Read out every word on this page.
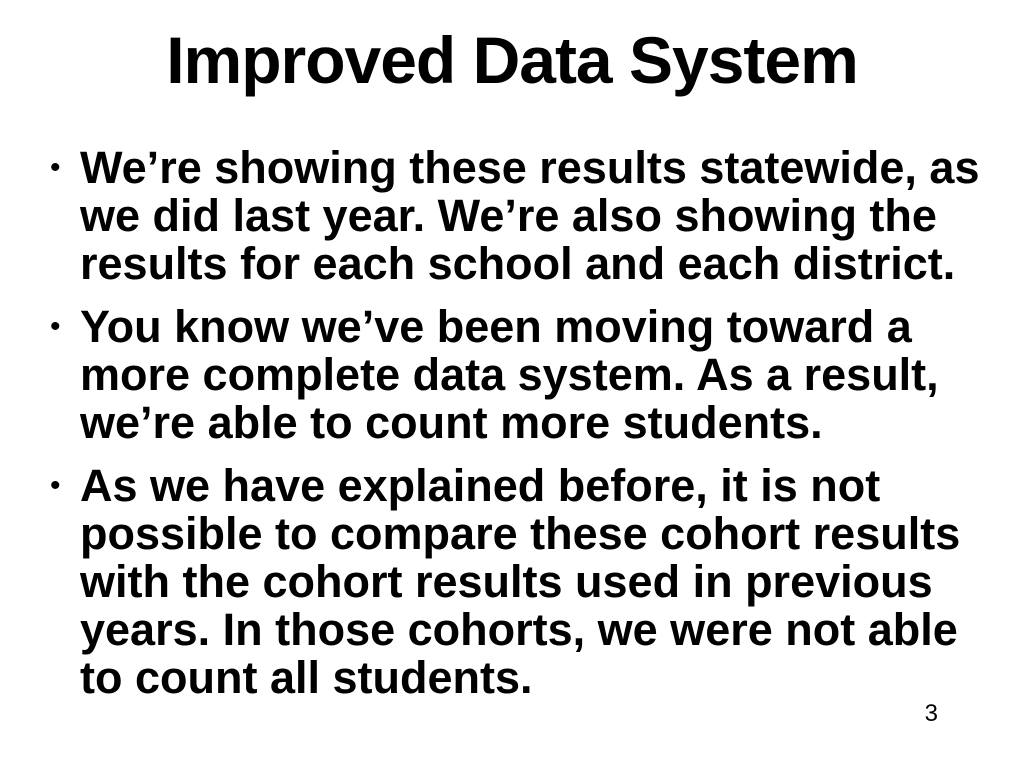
Improved Data System
• We’re showing these results statewide, as we did last year. We’re also showing the results for each school and each district.
• You know we’ve been moving toward a more complete data system. As a result, we’re able to count more students.
• As we have explained before, it is not possible to compare these cohort results with the cohort results used in previous years. In those cohorts, we were not able to count all students.
3
